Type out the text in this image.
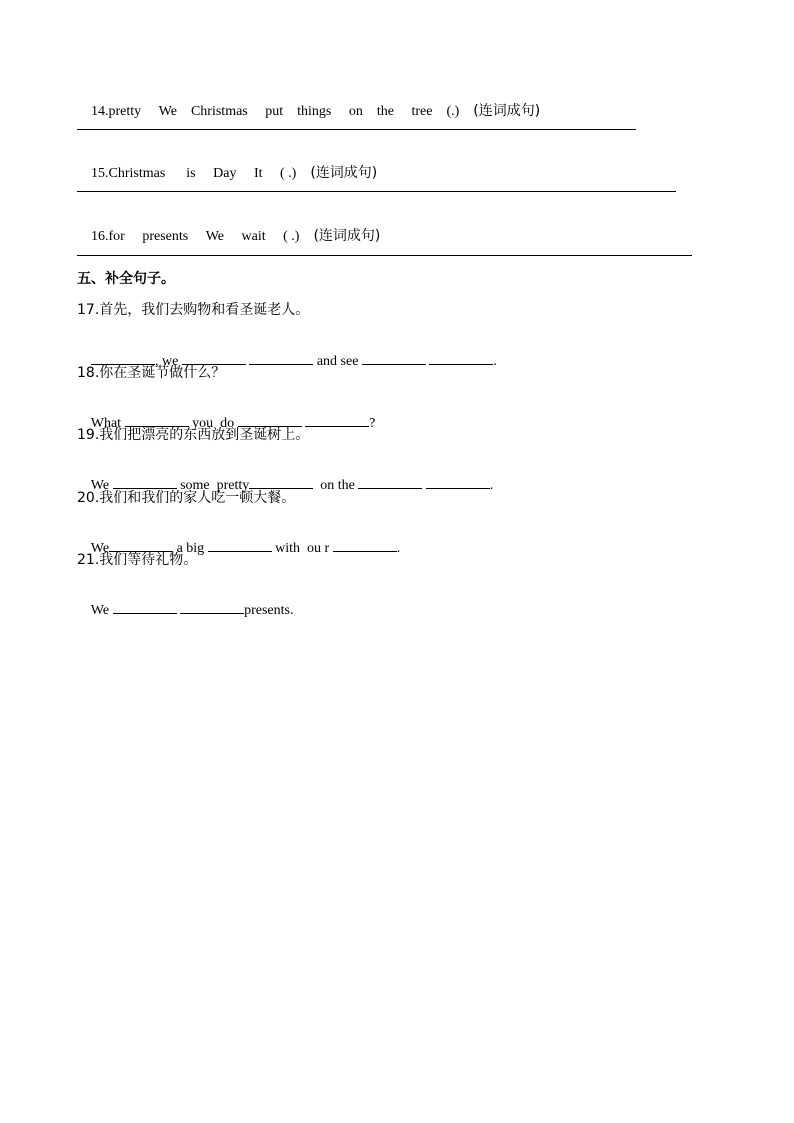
14.pretty We Christmas put things on the tree (.) (连词成句)

15.Christmas is Day It ( .) (连词成句)

16.for presents We wait ( .) (连词成句)

五、补全句子。
17.首先，我们去购物和看圣诞老人。

, we	and see	.

18.你在圣诞节做什么？

What	you  do	?

19.我们把漂亮的东西放到圣诞树上。

We	some  pretty	on the	.

20.我们和我们的家人吃一顿大餐。

We	a big	with  ou r	.

21.我们等待礼物。

We	presents.
